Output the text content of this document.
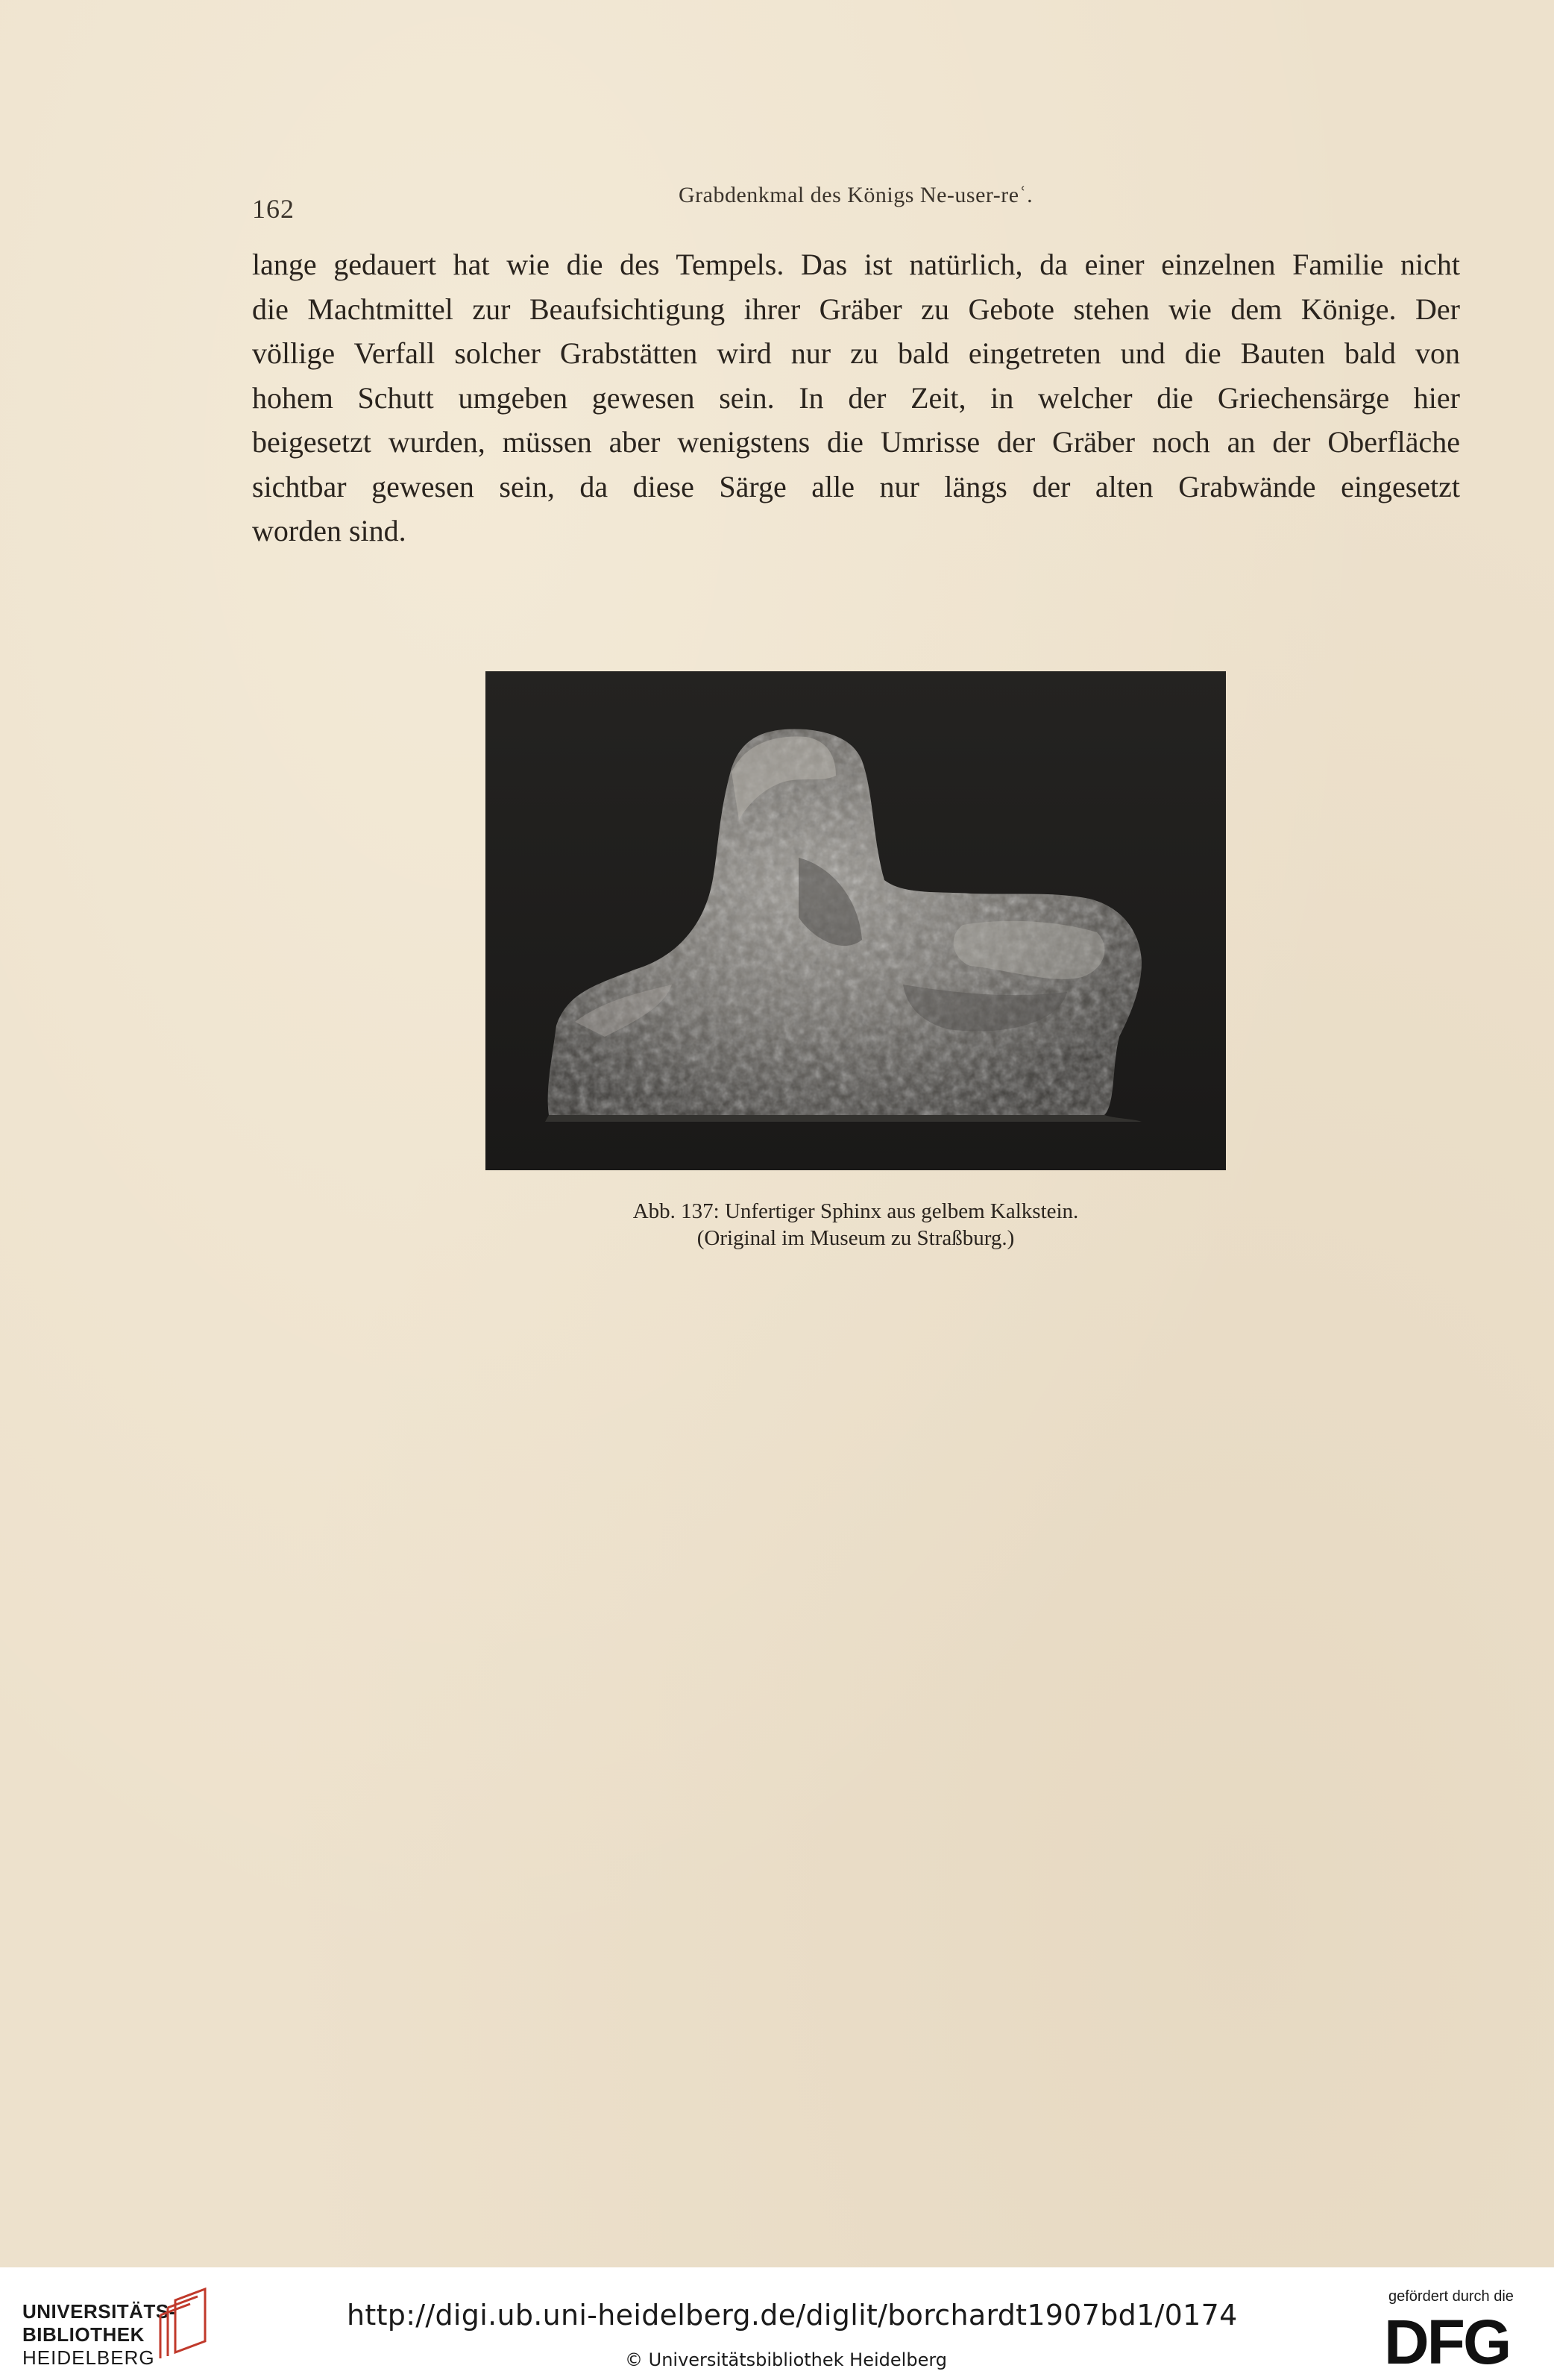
162	Grabdenkmal des Königs Ne-user-reʿ.
lange gedauert hat wie die des Tempels. Das ist natürlich, da einer einzelnen Familie nicht
die Machtmittel zur Beaufsichtigung ihrer Gräber zu Gebote stehen wie dem Könige. Der
völlige Verfall solcher Grabstätten wird nur zu bald eingetreten und die Bauten bald von
hohem Schutt umgeben gewesen sein. In der Zeit, in welcher die Griechensärge hier
beigesetzt wurden, müssen aber wenigstens die Umrisse der Gräber noch an der Oberfläche
sichtbar gewesen sein, da diese Särge alle nur längs der alten Grabwände eingesetzt
worden sind.
Abb. 137: Unfertiger Sphinx aus gelbem Kalkstein.
(Original im Museum zu Straßburg.)
UNIVERSITÄTS-
BIBLIOTHEK
HEIDELBERG
http://digi.ub.uni-heidelberg.de/diglit/borchardt1907bd1/0174
© Universitätsbibliothek Heidelberg
gefördert durch die
DFG
